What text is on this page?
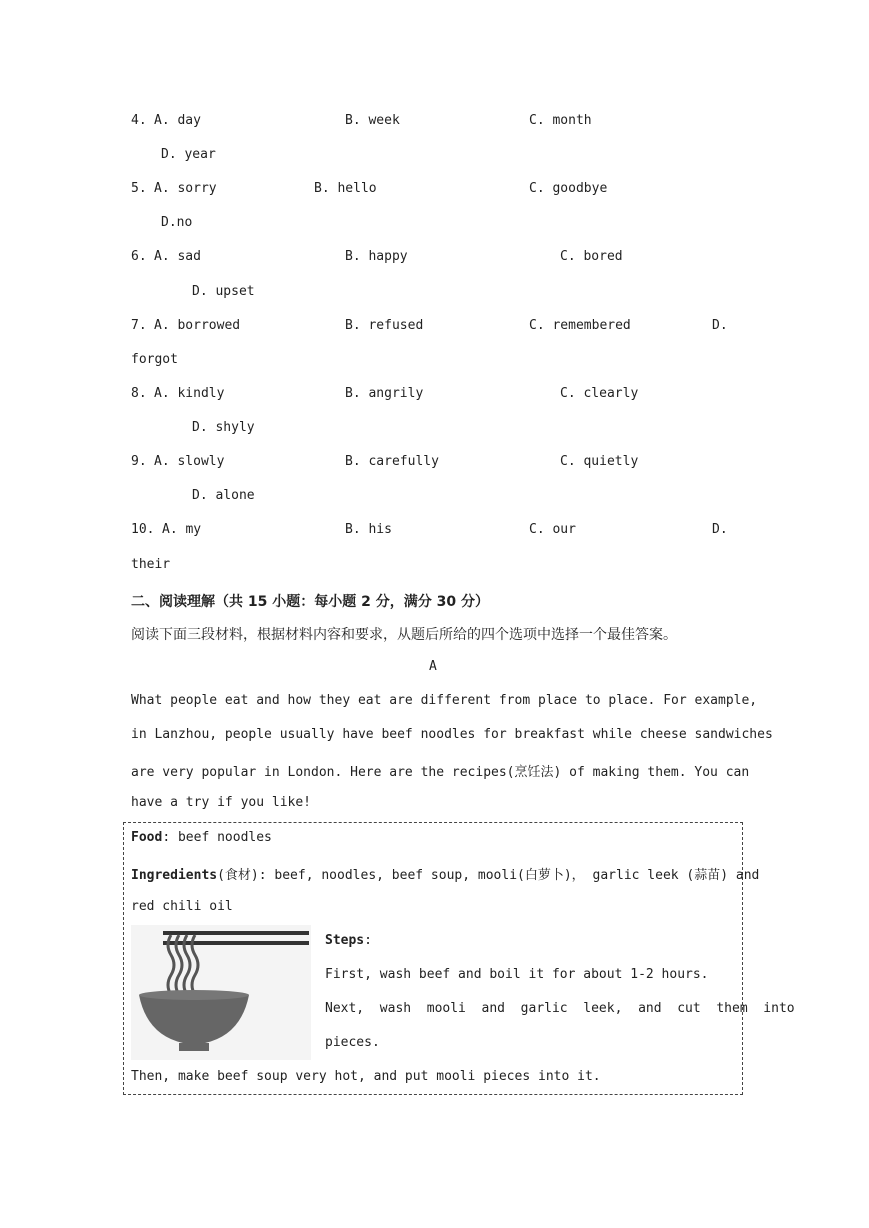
4. A. day	B. week	C. month
D. year
5. A. sorry	B. hello	C. goodbye
D.no
6. A. sad	B. happy	C. bored
D. upset
7. A. borrowed	B. refused	C. remembered	D.
forgot
8. A. kindly	B. angrily	C. clearly
D. shyly
9. A. slowly	B. carefully	C. quietly
D. alone
10. A. my	B. his	C. our	D.
their
二、阅读理解（共 15 小题：每小题 2 分，满分 30 分）
阅读下面三段材料，根据材料内容和要求，从题后所给的四个选项中选择一个最佳答案。
A
What people eat and how they eat are different from place to place. For example,
in Lanzhou, people usually have beef noodles for breakfast while cheese sandwiches
are very popular in London. Here are the recipes(烹饪法) of making them. You can
have a try if you like!
Food: beef noodles
Ingredients(食材): beef, noodles, beef soup, mooli(白萝卜)， garlic leek (蒜苗) and
red chili oil
Steps:
First, wash beef and boil it for about 1-2 hours.
Next,  wash  mooli  and  garlic  leek,  and  cut  them  into
pieces.
Then, make beef soup very hot, and put mooli pieces into it.
